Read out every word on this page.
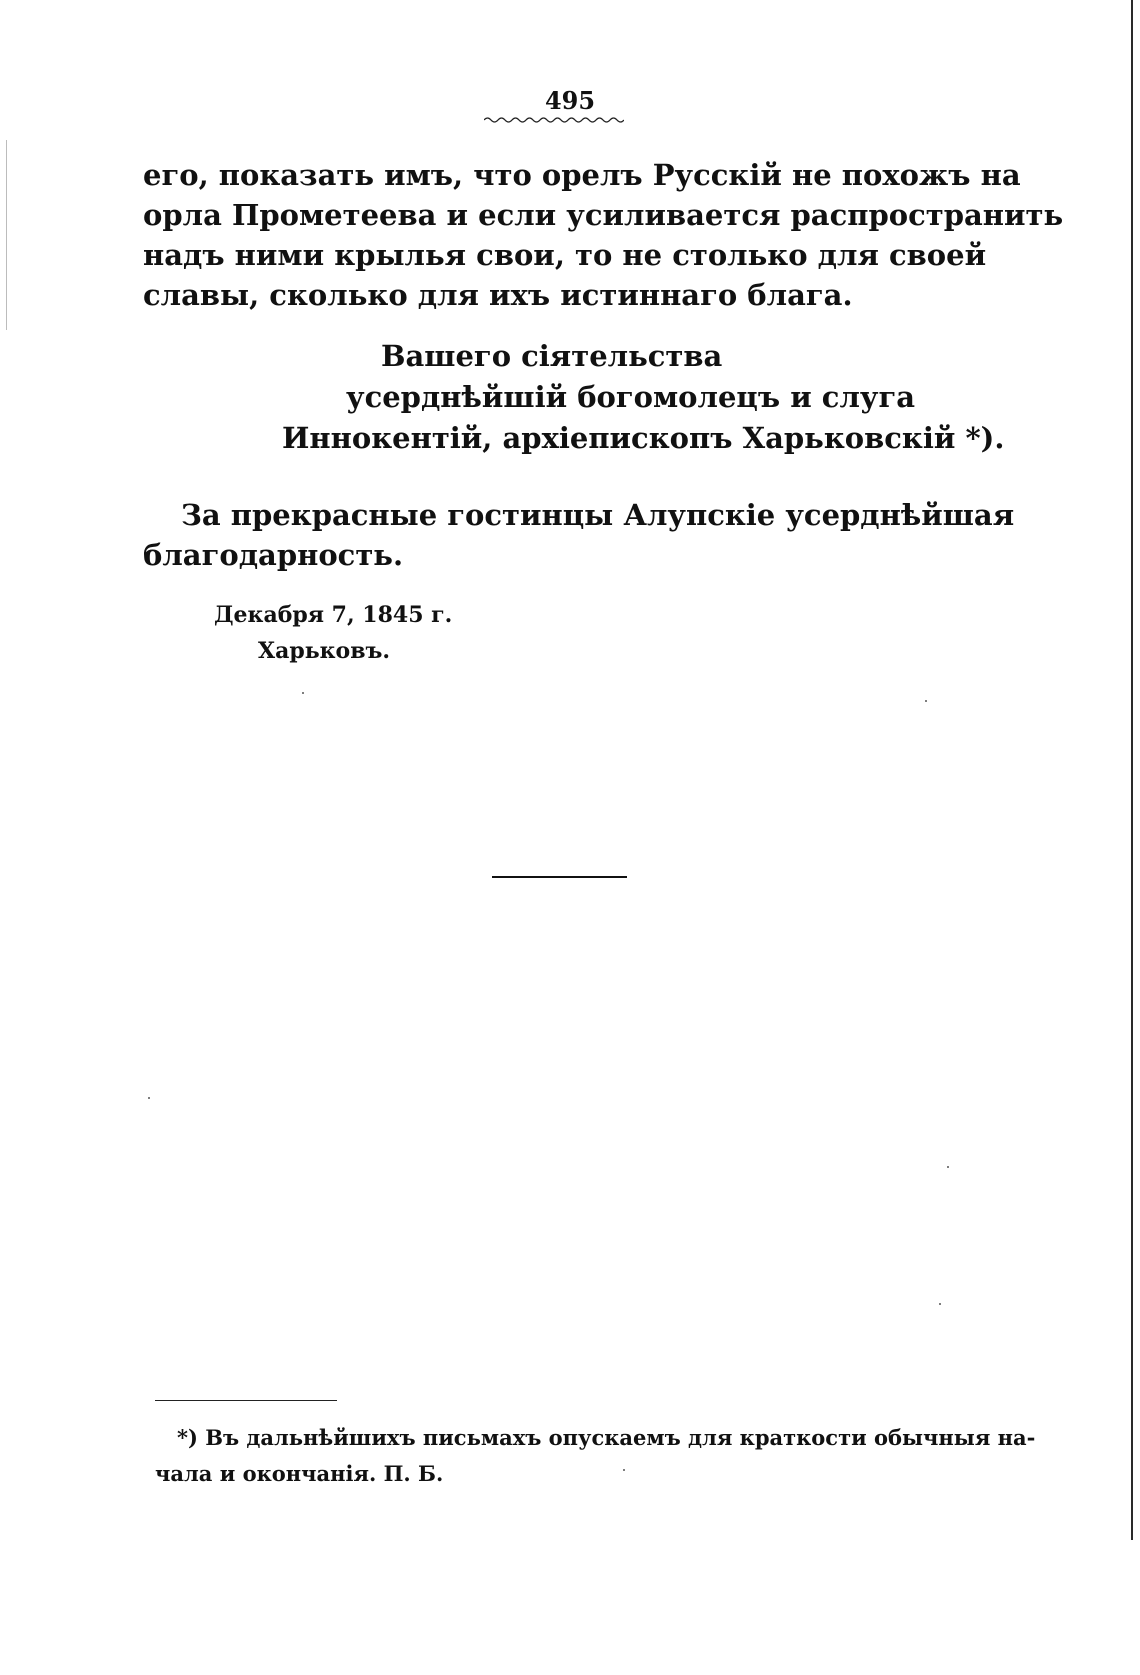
495
его, показать имъ, что орелъ Русскій не похожъ на
орла Прометеева и если усиливается распространить
надъ ними крылья свои, то не столько для своей
славы, сколько для ихъ истиннаго блага.
Вашего сіятельства
усерднѣйшій богомолецъ и слуга
Иннокентій, архіепископъ Харьковскій *).
За прекрасные гостинцы Алупскіе усерднѣйшая
благодарность.
Декабря 7, 1845 г.
Харьковъ.
*) Въ дальнѣйшихъ письмахъ опускаемъ для краткости обычныя на-
чала и окончанія. П. Б.
